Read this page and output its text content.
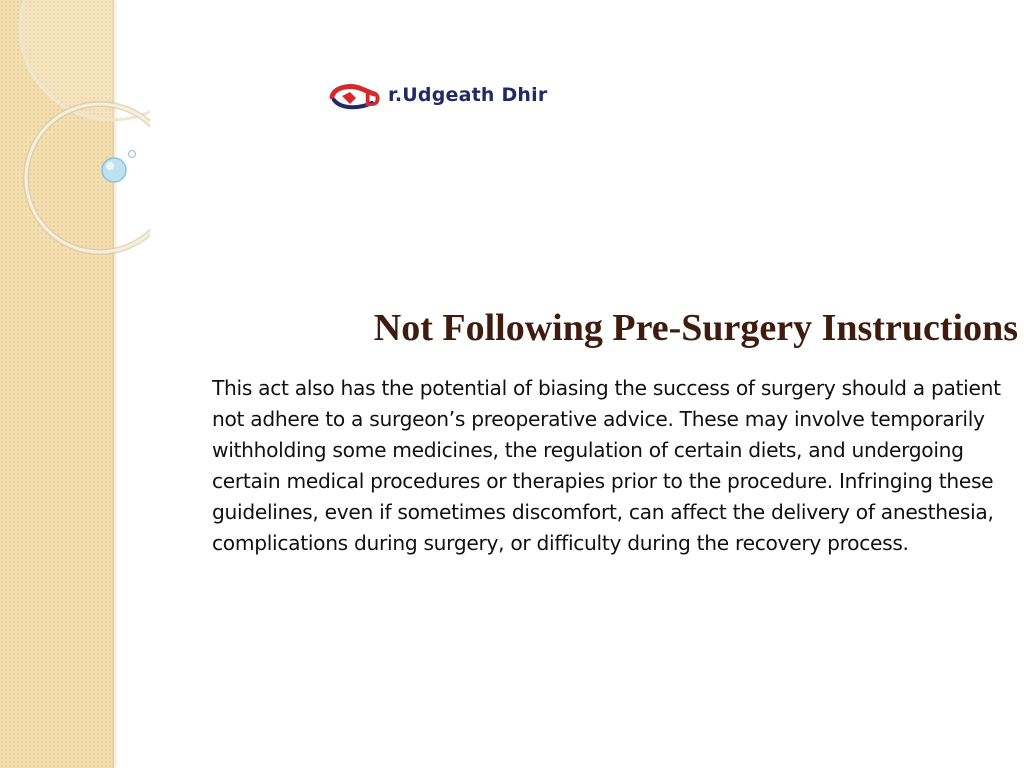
D r.Udgeath Dhir
Not Following Pre-Surgery Instructions

This act also has the potential of biasing the success of surgery should a patient not adhere to a surgeon’s preoperative advice. These may involve temporarily withholding some medicines, the regulation of certain diets, and undergoing certain medical procedures or therapies prior to the procedure. Infringing these guidelines, even if sometimes discomfort, can affect the delivery of anesthesia, complications during surgery, or difficulty during the recovery process.
